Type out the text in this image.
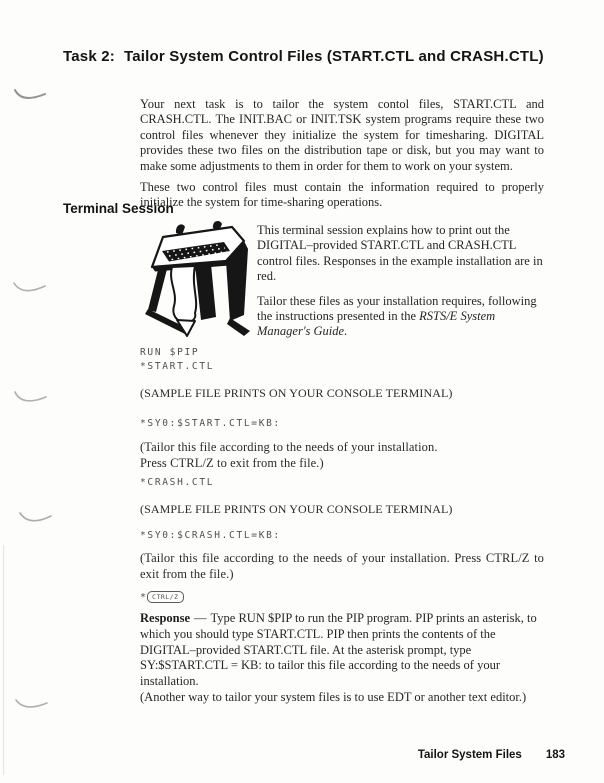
Task 2: Tailor System Control Files (START.CTL and CRASH.CTL)

Your next task is to tailor the system contol files, START.CTL and CRASH.CTL. The INIT.BAC or INIT.TSK system programs require these two control files whenever they initialize the system for timesharing. DIGITAL provides these two files on the distribution tape or disk, but you may want to make some adjustments to them in order for them to work on your system.

These two control files must contain the information required to properly initialize the system for time-sharing operations.

Terminal Session

This terminal session explains how to print out the DIGITAL–provided START.CTL and CRASH.CTL control files. Responses in the example installation are in red.

Tailor these files as your installation requires, following the instructions presented in the RSTS/E System Manager's Guide.

RUN $PIP
*START.CTL
(SAMPLE FILE PRINTS ON YOUR CONSOLE TERMINAL)
*SY0:$START.CTL=KB:
(Tailor this file according to the needs of your installation.
Press CTRL/Z to exit from the file.)
*CRASH.CTL
(SAMPLE FILE PRINTS ON YOUR CONSOLE TERMINAL)
*SY0:$CRASH.CTL=KB:
(Tailor this file according to the needs of your installation. Press CTRL/Z to exit from the file.)
* CTRL/Z
Response — Type RUN $PIP to run the PIP program. PIP prints an asterisk, to
which you should type START.CTL. PIP then prints the contents of the
DIGITAL–provided START.CTL file. At the asterisk prompt, type
SY:$START.CTL = KB: to tailor this file according to the needs of your installation.
(Another way to tailor your system files is to use EDT or another text editor.)
Tailor System Files 183
